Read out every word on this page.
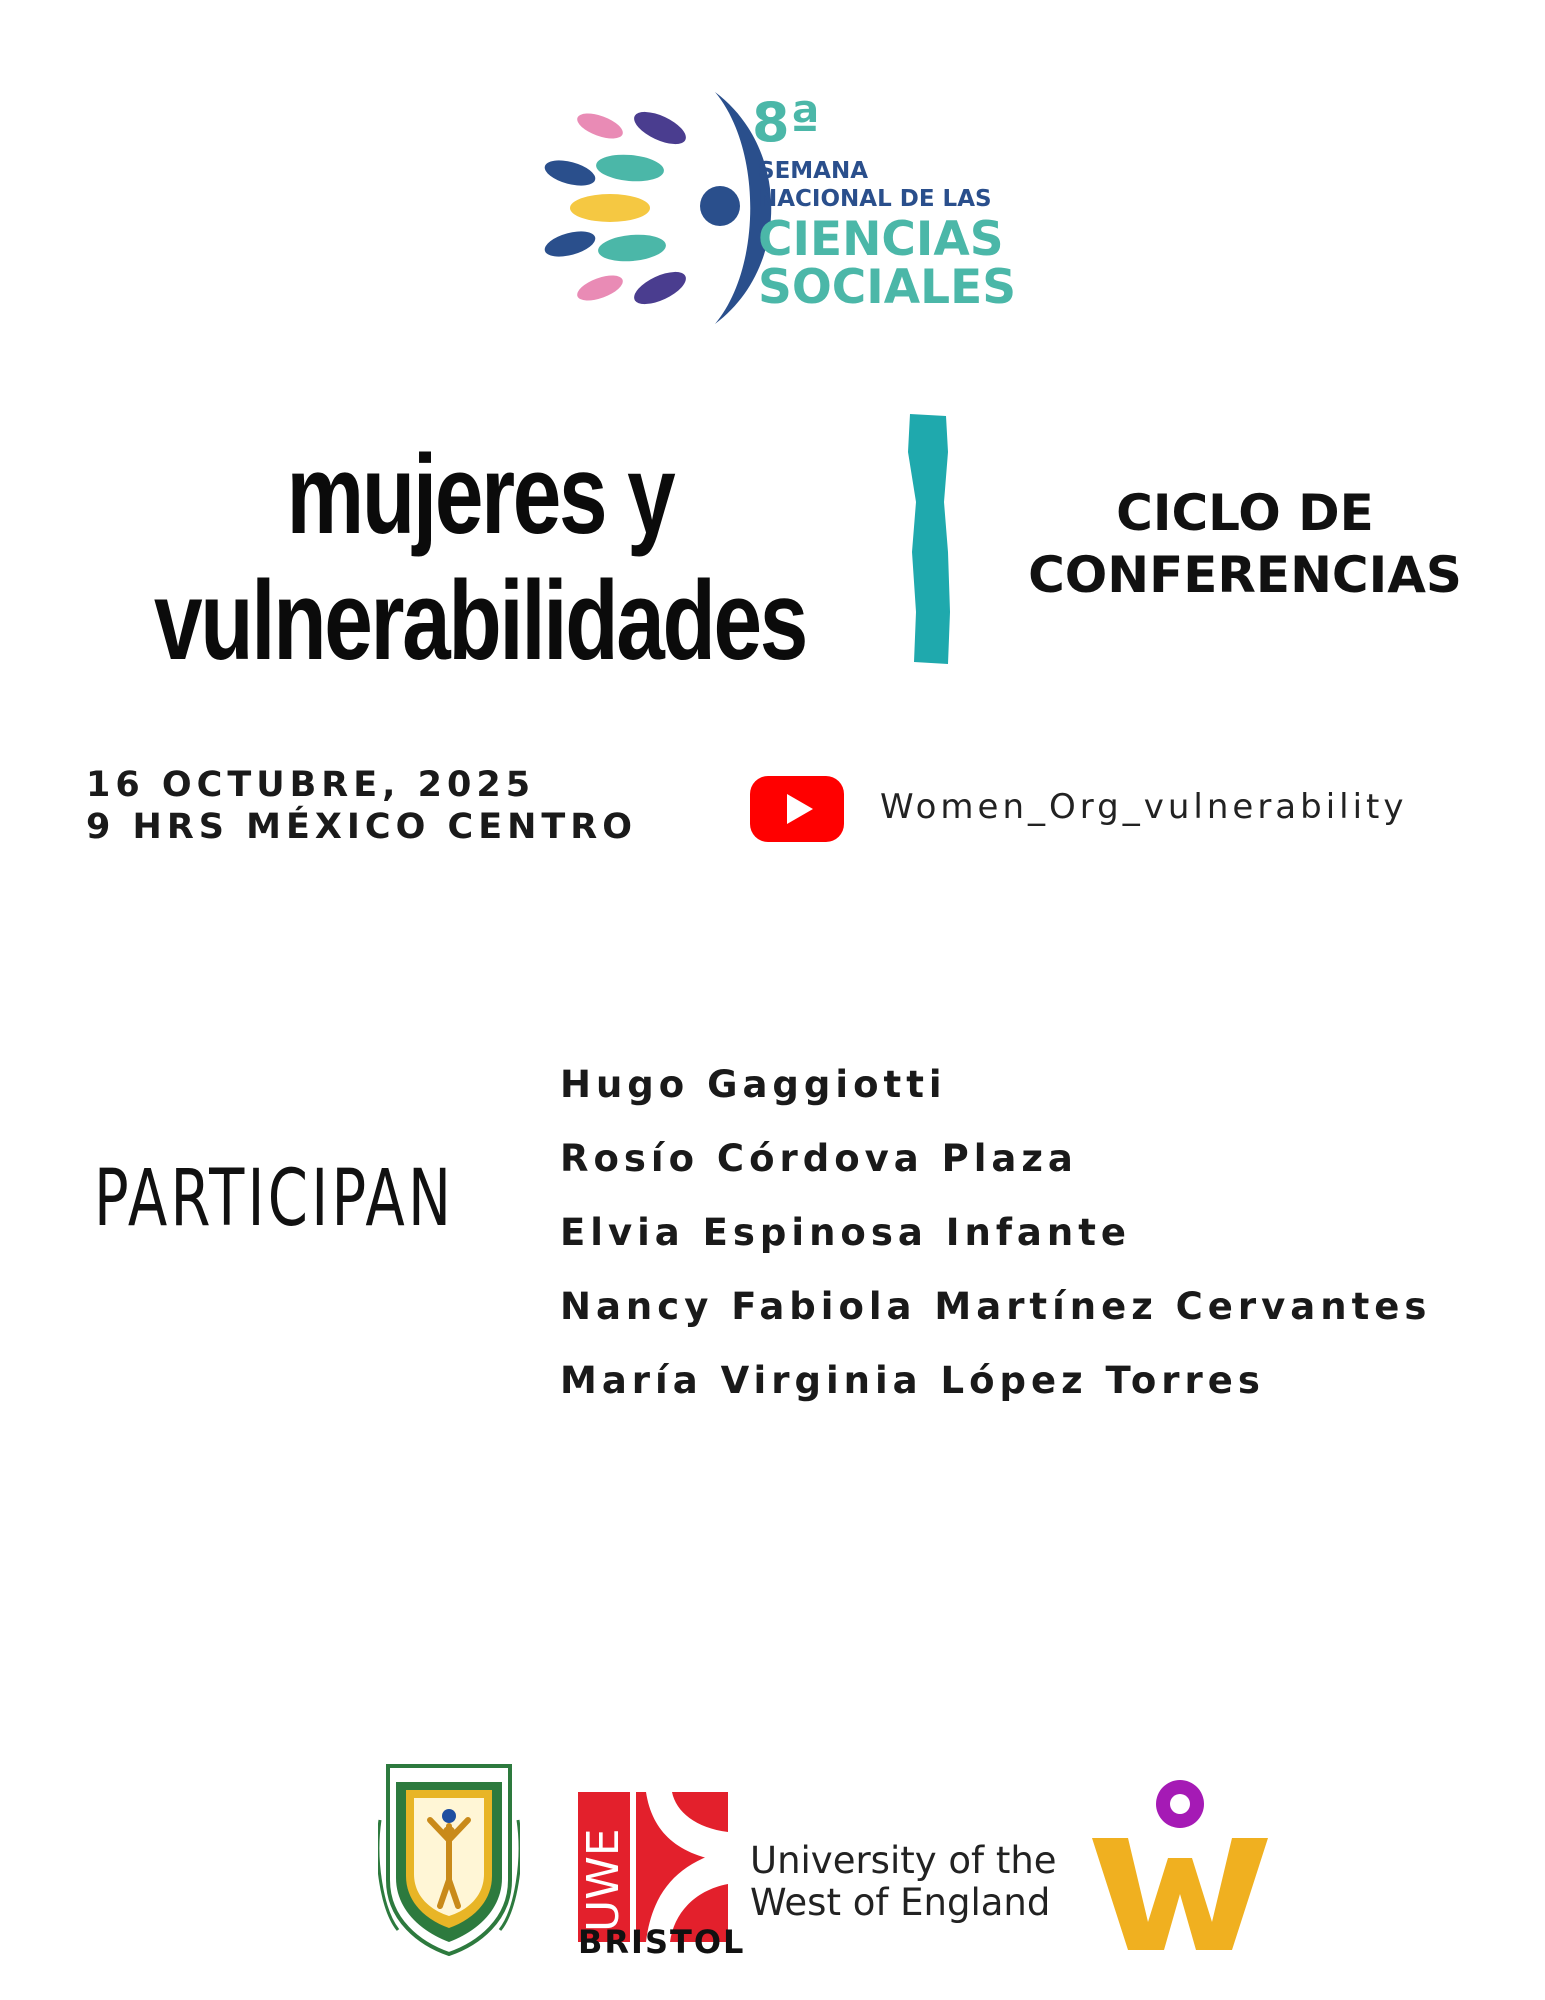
8ª
SEMANA
NACIONAL DE LAS
CIENCIAS
SOCIALES
mujeres y
vulnerabilidades
CICLO DE
CONFERENCIAS
16 OCTUBRE, 2025
9 HRS MÉXICO CENTRO	Women_Org_vulnerability
PARTICIPAN
Hugo Gaggiotti
Rosío Córdova Plaza
Elvia Espinosa Infante
Nancy Fabiola Martínez Cervantes
María Virginia López Torres
UWE
BRISTOL
University of the
West of England
